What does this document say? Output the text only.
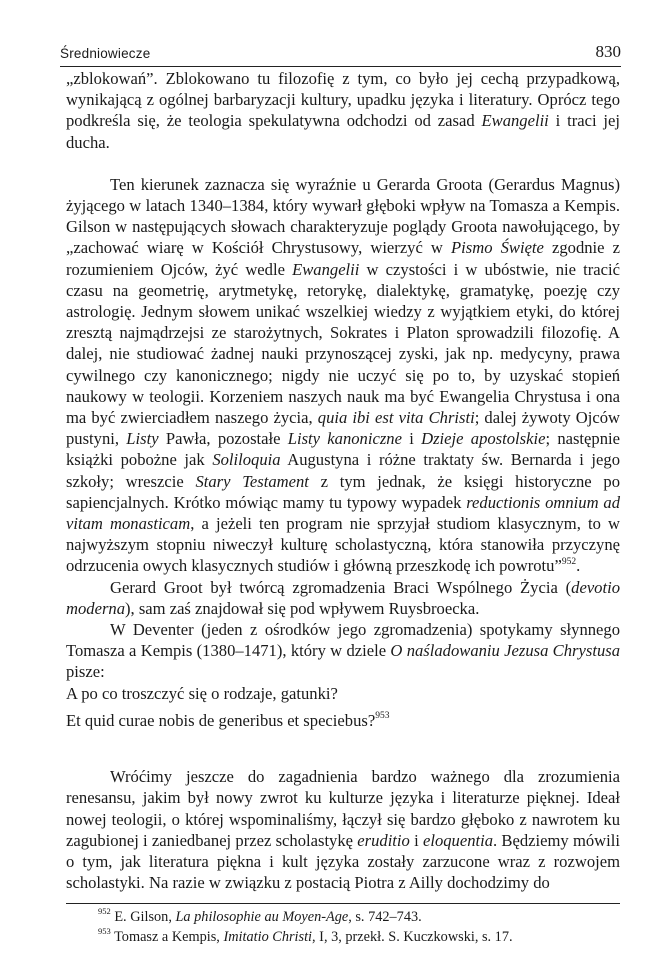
Średniowiecze	830

„zblokowań”. Zblokowano tu filozofię z tym, co było jej cechą przypadkową, wynikającą z ogólnej barbaryzacji kultury, upadku języka i literatury. Oprócz tego podkreśla się, że teologia spekulatywna odchodzi od zasad Ewangelii i traci jej ducha.

Ten kierunek zaznacza się wyraźnie u Gerarda Groota (Gerardus Magnus) żyjącego w latach 1340–1384, który wywarł głęboki wpływ na Tomasza a Kempis. Gilson w następujących słowach charakteryzuje poglądy Groota nawołującego, by „zachować wiarę w Kościół Chrystusowy, wierzyć w Pismo Święte zgodnie z rozumieniem Ojców, żyć wedle Ewangelii w czystości i w ubóstwie, nie tracić czasu na geometrię, arytmetykę, retorykę, dialektykę, gramatykę, poezję czy astrologię. Jednym słowem unikać wszelkiej wiedzy z wyjątkiem etyki, do której zresztą najmądrzejsi ze starożytnych, Sokrates i Platon sprowadzili filozofię. A dalej, nie studiować żadnej nauki przynoszącej zyski, jak np. medycyny, prawa cywilnego czy kanonicznego; nigdy nie uczyć się po to, by uzyskać stopień naukowy w teologii. Korzeniem naszych nauk ma być Ewangelia Chrystusa i ona ma być zwierciadłem naszego życia, quia ibi est vita Christi; dalej żywoty Ojców pustyni, Listy Pawła, pozostałe Listy kanoniczne i Dzieje apostolskie; następnie książki pobożne jak Soliloquia Augustyna i różne traktaty św. Bernarda i jego szkoły; wreszcie Stary Testament z tym jednak, że księgi historyczne po sapiencjalnych. Krótko mówiąc mamy tu typowy wypadek reductionis omnium ad vitam monasticam, a jeżeli ten program nie sprzyjał studiom klasycznym, to w najwyższym stopniu niweczył kulturę scholastyczną, która stanowiła przyczynę odrzucenia owych klasycznych studiów i główną przeszkodę ich powrotu”$^{952}$.

Gerard Groot był twórcą zgromadzenia Braci Wspólnego Życia (devotio moderna), sam zaś znajdował się pod wpływem Ruysbroecka.

W Deventer (jeden z ośrodków jego zgromadzenia) spotykamy słynnego Tomasza a Kempis (1380–1471), który w dziele O naśladowaniu Jezusa Chrystusa pisze:

A po co troszczyć się o rodzaje, gatunki?

Et quid curae nobis de generibus et speciebus?$^{953}$

Wróćimy jeszcze do zagadnienia bardzo ważnego dla zrozumienia renesansu, jakim był nowy zwrot ku kulturze języka i literaturze pięknej. Ideał nowej teologii, o której wspominaliśmy, łączył się bardzo głęboko z nawrotem ku zagubionej i zaniedbanej przez scholastykę eruditio i eloquentia. Będziemy mówili o tym, jak literatura piękna i kult języka zostały zarzucone wraz z rozwojem scholastyki. Na razie w związku z postacią Piotra z Ailly dochodzimy do

$^{952}$ E. Gilson, La philosophie au Moyen-Age, s. 742–743.

$^{953}$ Tomasz a Kempis, Imitatio Christi, I, 3, przekł. S. Kuczkowski, s. 17.
